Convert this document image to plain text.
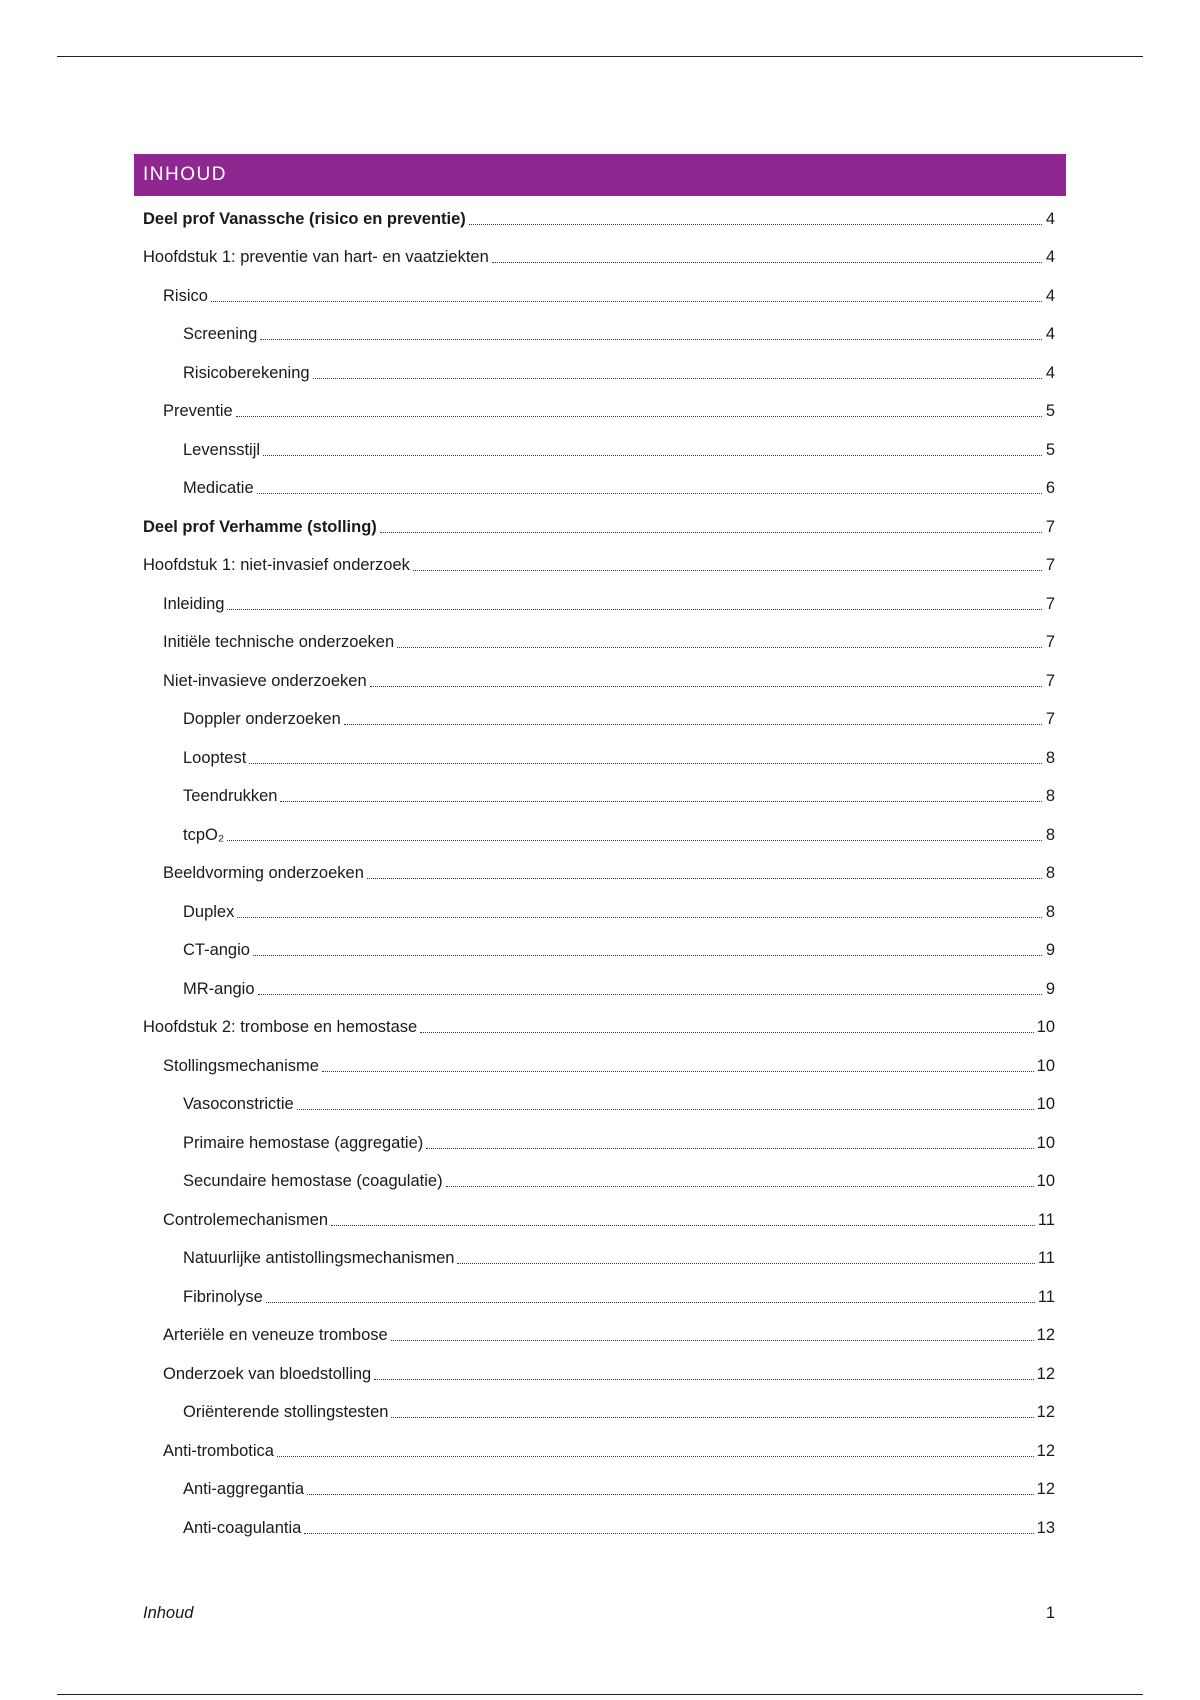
INHOUD
Deel prof Vanassche (risico en preventie)	4
Hoofdstuk 1: preventie van hart- en vaatziekten	4
Risico	4
Screening	4
Risicoberekening	4
Preventie	5
Levensstijl	5
Medicatie	6
Deel prof Verhamme (stolling)	7
Hoofdstuk 1: niet-invasief onderzoek	7
Inleiding	7
Initiële technische onderzoeken	7
Niet-invasieve onderzoeken	7
Doppler onderzoeken	7
Looptest	8
Teendrukken	8
tcpO₂	8
Beeldvorming onderzoeken	8
Duplex	8
CT-angio	9
MR-angio	9
Hoofdstuk 2: trombose en hemostase	10
Stollingsmechanisme	10
Vasoconstrictie	10
Primaire hemostase (aggregatie)	10
Secundaire hemostase (coagulatie)	10
Controlemechanismen	11
Natuurlijke antistollingsmechanismen	11
Fibrinolyse	11
Arteriële en veneuze trombose	12
Onderzoek van bloedstolling	12
Oriënterende stollingstesten	12
Anti-trombotica	12
Anti-aggregantia	12
Anti-coagulantia	13
Inhoud	1
